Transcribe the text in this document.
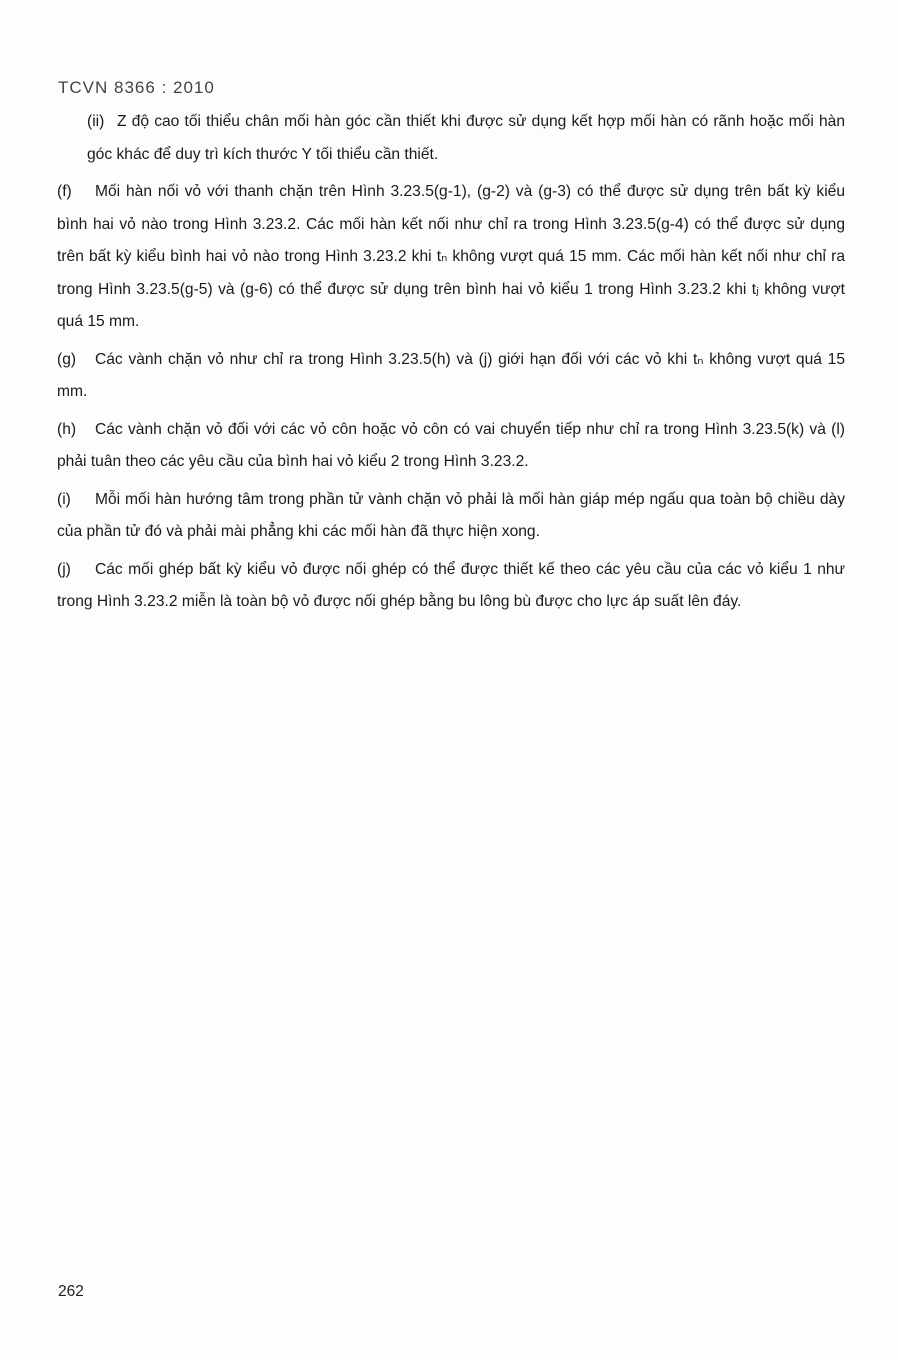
TCVN 8366 : 2010

(ii) Z độ cao tối thiểu chân mối hàn góc cần thiết khi được sử dụng kết hợp mối hàn có rãnh hoặc mối hàn góc khác để duy trì kích thước Y tối thiểu cần thiết.

(f) Mối hàn nối vỏ với thanh chặn trên Hình 3.23.5(g-1), (g-2) và (g-3) có thể được sử dụng trên bất kỳ kiểu bình hai vỏ nào trong Hình 3.23.2. Các mối hàn kết nối như chỉ ra trong Hình 3.23.5(g-4) có thể được sử dụng trên bất kỳ kiểu bình hai vỏ nào trong Hình 3.23.2 khi tₙ không vượt quá 15 mm. Các mối hàn kết nối như chỉ ra trong Hình 3.23.5(g-5) và (g-6) có thể được sử dụng trên bình hai vỏ kiểu 1 trong Hình 3.23.2 khi tⱼ không vượt quá 15 mm.

(g) Các vành chặn vỏ như chỉ ra trong Hình 3.23.5(h) và (j) giới hạn đối với các vỏ khi tₙ không vượt quá 15 mm.

(h) Các vành chặn vỏ đối với các vỏ côn hoặc vỏ côn có vai chuyển tiếp như chỉ ra trong Hình 3.23.5(k) và (l) phải tuân theo các yêu cầu của bình hai vỏ kiểu 2 trong Hình 3.23.2.

(i) Mỗi mối hàn hướng tâm trong phần tử vành chặn vỏ phải là mối hàn giáp mép ngấu qua toàn bộ chiều dày của phần tử đó và phải mài phẳng khi các mối hàn đã thực hiện xong.

(j) Các mối ghép bất kỳ kiểu vỏ được nối ghép có thể được thiết kế theo các yêu cầu của các vỏ kiểu 1 như trong Hình 3.23.2 miễn là toàn bộ vỏ được nối ghép bằng bu lông bù được cho lực áp suất lên đáy.

262
